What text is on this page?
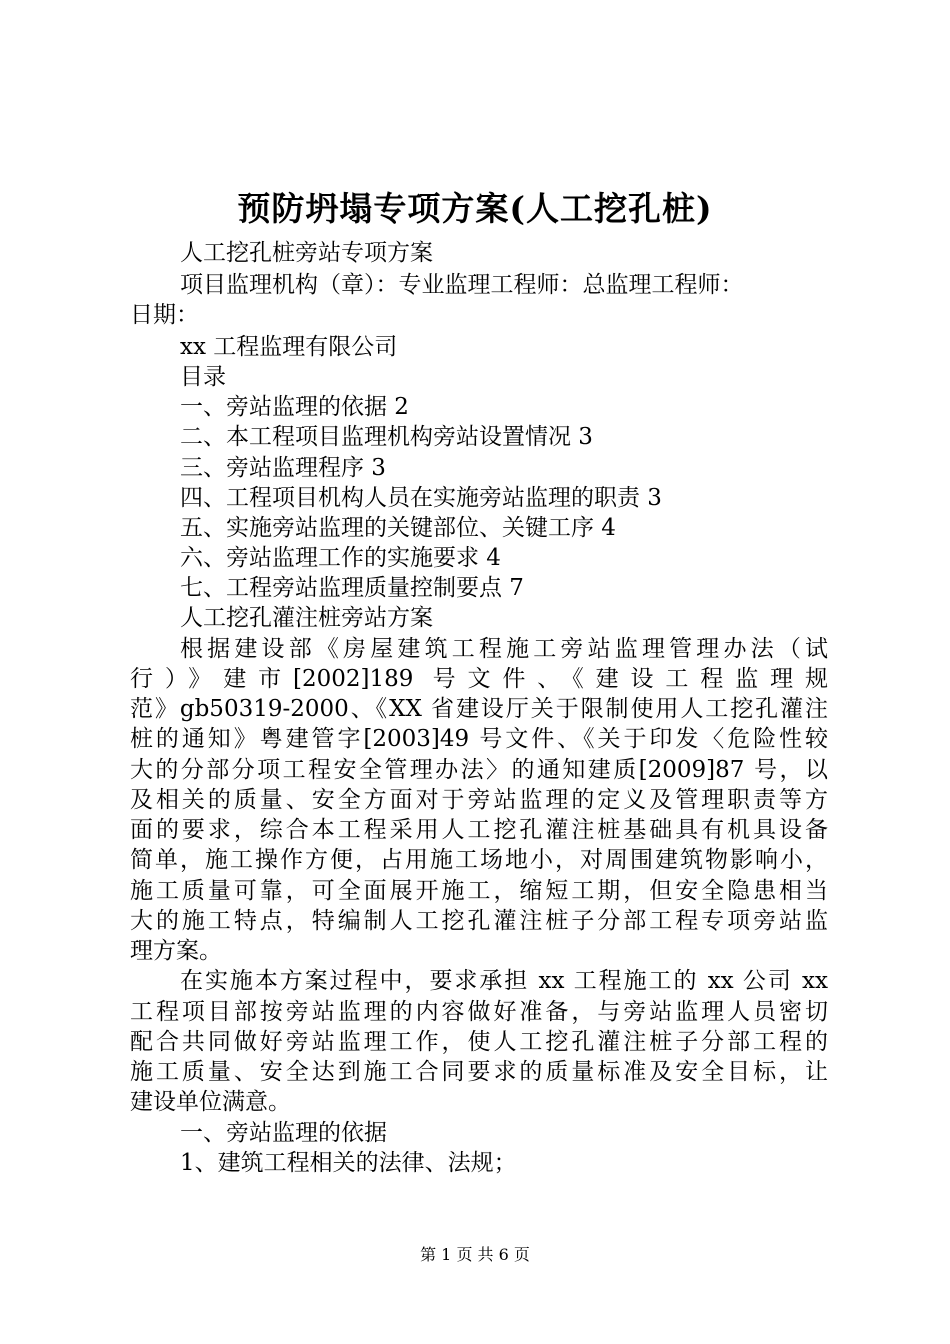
预防坍塌专项方案(人工挖孔桩)
人工挖孔桩旁站专项方案
项目监理机构（章）：专业监理工程师：总监理工程师：
日期：
xx 工程监理有限公司
目录
一、旁站监理的依据 2
二、本工程项目监理机构旁站设置情况 3
三、旁站监理程序 3
四、工程项目机构人员在实施旁站监理的职责 3
五、实施旁站监理的关键部位、关键工序 4
六、旁站监理工作的实施要求 4
七、工程旁站监理质量控制要点 7
人工挖孔灌注桩旁站方案
根据建设部《房屋建筑工程施工旁站监理管理办法（试
行）》建市[2002]189 号文件、《建设工程监理规
范》gb50319-2000、《XX 省建设厅关于限制使用人工挖孔灌注
桩的通知》粤建管字[2003]49 号文件、《关于印发〈危险性较
大的分部分项工程安全管理办法〉的通知建质[2009]87 号，以
及相关的质量、安全方面对于旁站监理的定义及管理职责等方
面的要求，综合本工程采用人工挖孔灌注桩基础具有机具设备
简单，施工操作方便，占用施工场地小，对周围建筑物影响小，
施工质量可靠，可全面展开施工，缩短工期，但安全隐患相当
大的施工特点，特编制人工挖孔灌注桩子分部工程专项旁站监
理方案。
在实施本方案过程中，要求承担 xx 工程施工的 xx 公司 xx
工程项目部按旁站监理的内容做好准备，与旁站监理人员密切
配合共同做好旁站监理工作，使人工挖孔灌注桩子分部工程的
施工质量、安全达到施工合同要求的质量标准及安全目标，让
建设单位满意。
一、旁站监理的依据
1、建筑工程相关的法律、法规；
第 1 页 共 6 页
